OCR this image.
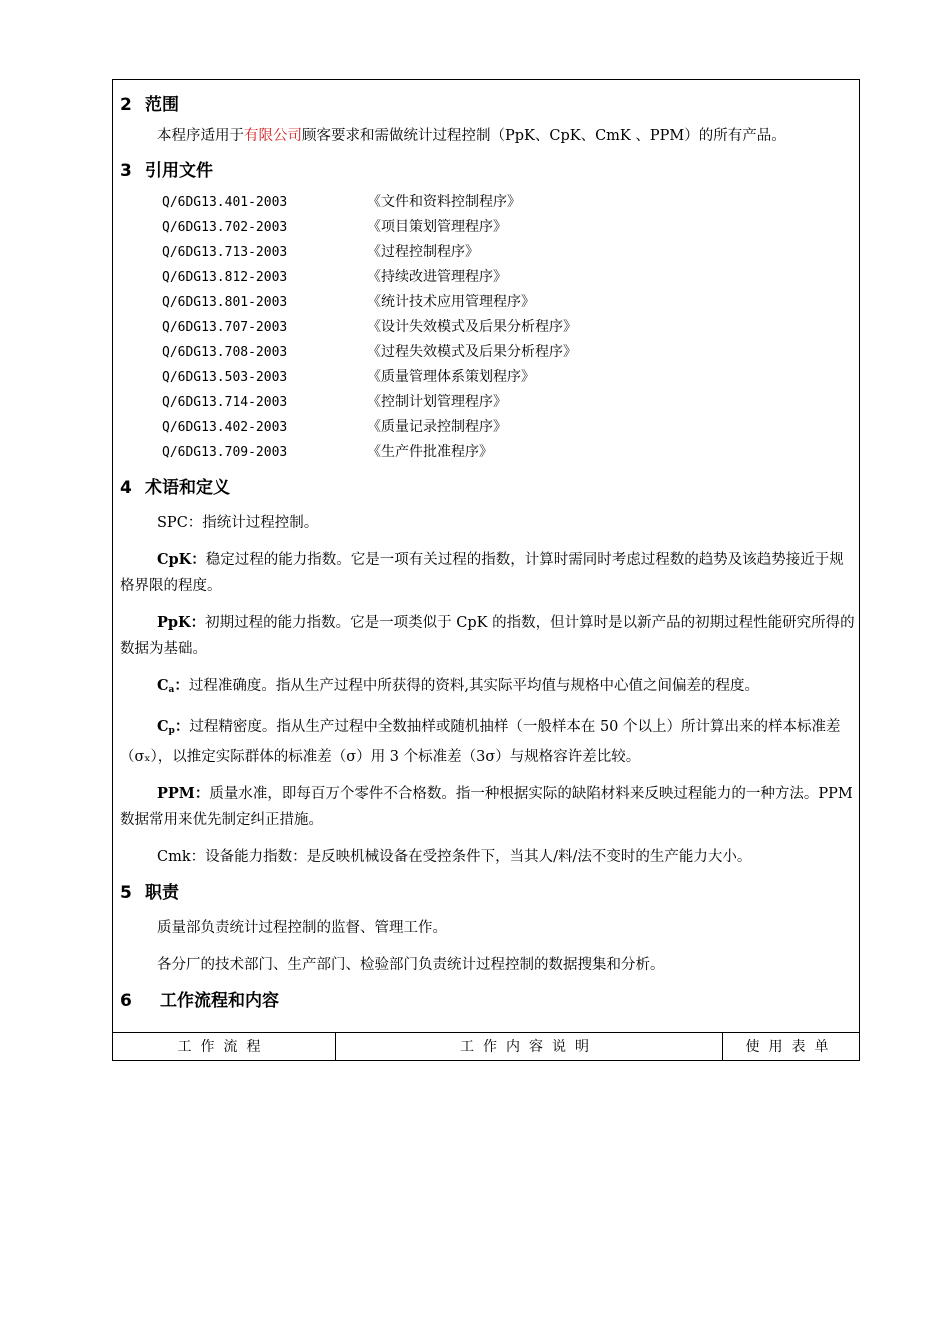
2 范围

本程序适用于有限公司顾客要求和需做统计过程控制（PpK、CpK、CmK 、PPM）的所有产品。

3 引用文件
Q/6DG13.401-2003	《文件和资料控制程序》
Q/6DG13.702-2003	《项目策划管理程序》
Q/6DG13.713-2003	《过程控制程序》
Q/6DG13.812-2003	《持续改进管理程序》
Q/6DG13.801-2003	《统计技术应用管理程序》
Q/6DG13.707-2003	《设计失效模式及后果分析程序》
Q/6DG13.708-2003	《过程失效模式及后果分析程序》
Q/6DG13.503-2003	《质量管理体系策划程序》
Q/6DG13.714-2003	《控制计划管理程序》
Q/6DG13.402-2003	《质量记录控制程序》
Q/6DG13.709-2003	《生产件批准程序》
4 术语和定义

SPC：指统计过程控制。

CpK：稳定过程的能力指数。它是一项有关过程的指数，计算时需同时考虑过程数的趋势及该趋势接近于规格界限的程度。

PpK：初期过程的能力指数。它是一项类似于 CpK 的指数，但计算时是以新产品的初期过程性能研究所得的数据为基础。

$C_a$：过程准确度。指从生产过程中所获得的资料,其实际平均值与规格中心值之间偏差的程度。

$C_p$：过程精密度。指从生产过程中全数抽样或随机抽样（一般样本在 50 个以上）所计算出来的样本标准差（σₓ），以推定实际群体的标准差（σ）用 3 个标准差（3σ）与规格容许差比较。

PPM：质量水准，即每百万个零件不合格数。指一种根据实际的缺陷材料来反映过程能力的一种方法。PPM 数据常用来优先制定纠正措施。

Cmk：设备能力指数：是反映机械设备在受控条件下，当其人/料/法不变时的生产能力大小。

5 职责

质量部负责统计过程控制的监督、管理工作。

各分厂的技术部门、生产部门、检验部门负责统计过程控制的数据搜集和分析。

6 工作流程和内容
工作流程	工作内容说明	使用表单
